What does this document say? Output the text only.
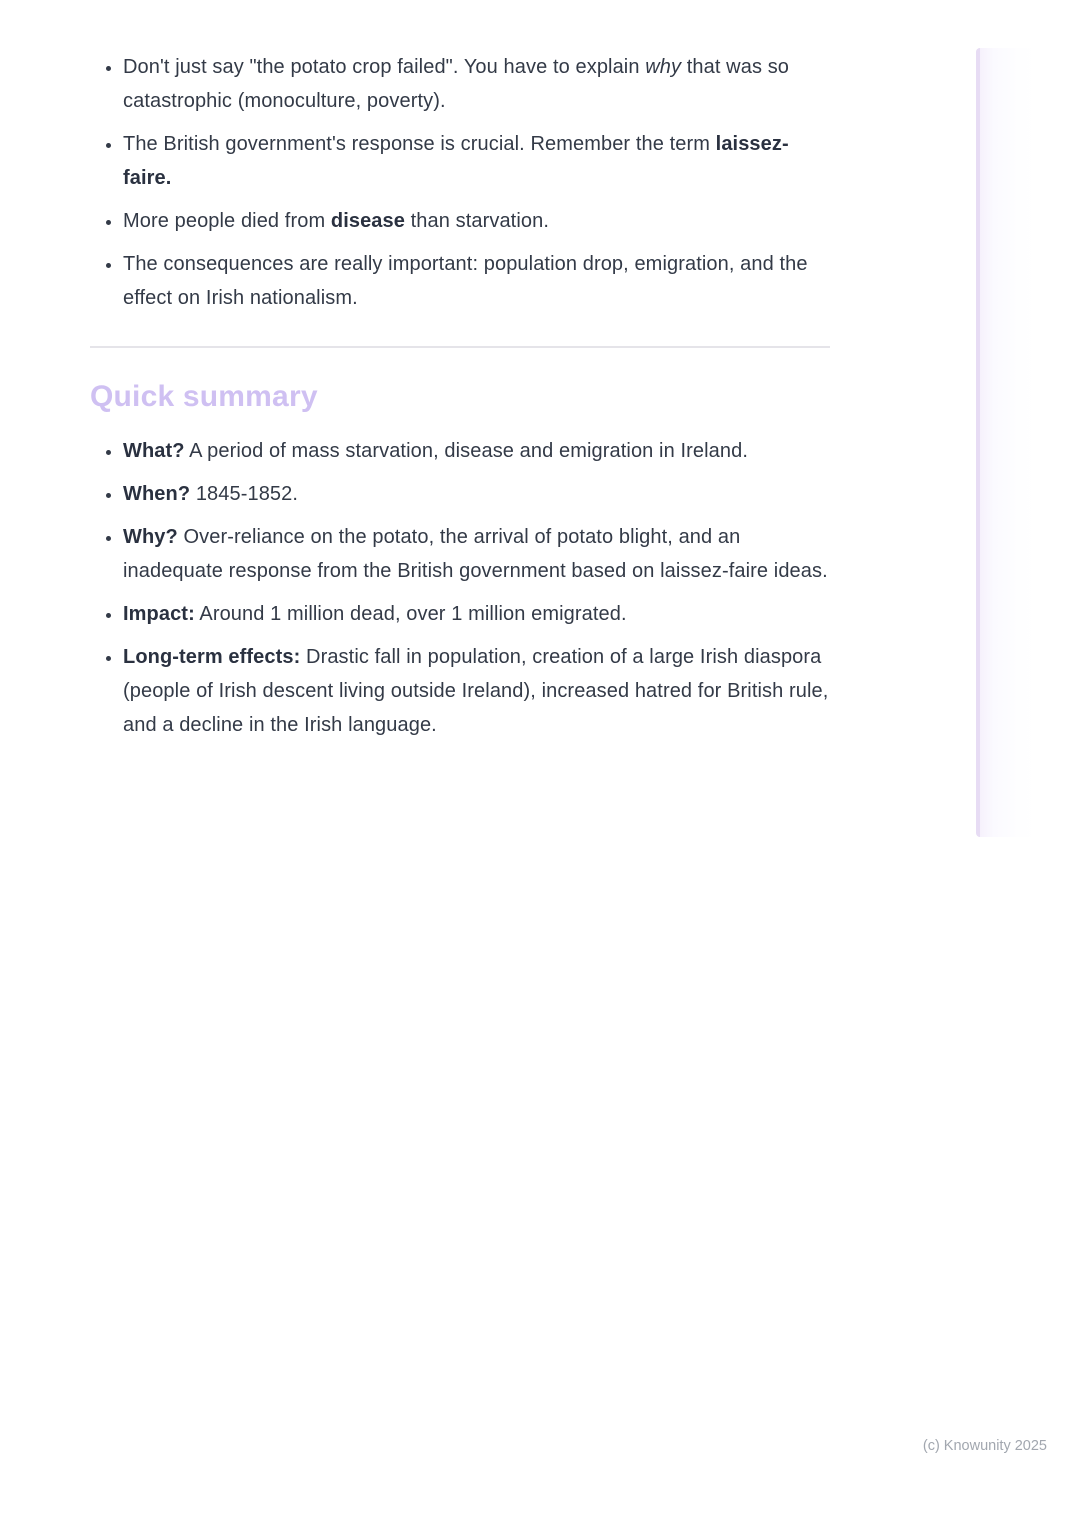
• Don't just say "the potato crop failed". You have to explain why that was so catastrophic (monoculture, poverty).
• The British government's response is crucial. Remember the term laissez-faire.
• More people died from disease than starvation.
• The consequences are really important: population drop, emigration, and the effect on Irish nationalism.
Quick summary
• What? A period of mass starvation, disease and emigration in Ireland.
• When? 1845-1852.
• Why? Over-reliance on the potato, the arrival of potato blight, and an inadequate response from the British government based on laissez-faire ideas.
• Impact: Around 1 million dead, over 1 million emigrated.
• Long-term effects: Drastic fall in population, creation of a large Irish diaspora (people of Irish descent living outside Ireland), increased hatred for British rule, and a decline in the Irish language.
(c) Knowunity 2025
